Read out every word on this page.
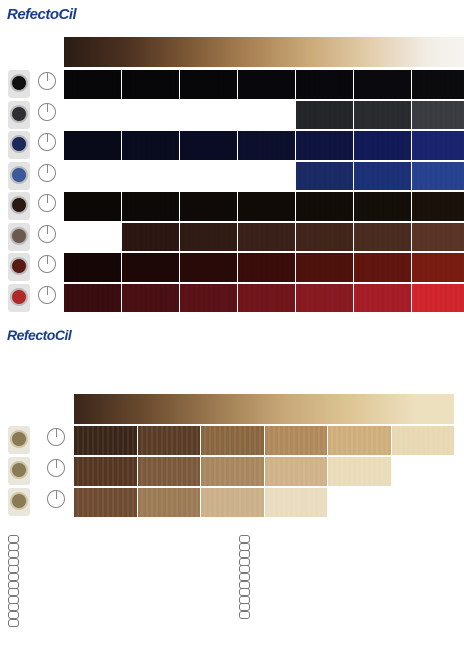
RefectoCil
RefectoCil
